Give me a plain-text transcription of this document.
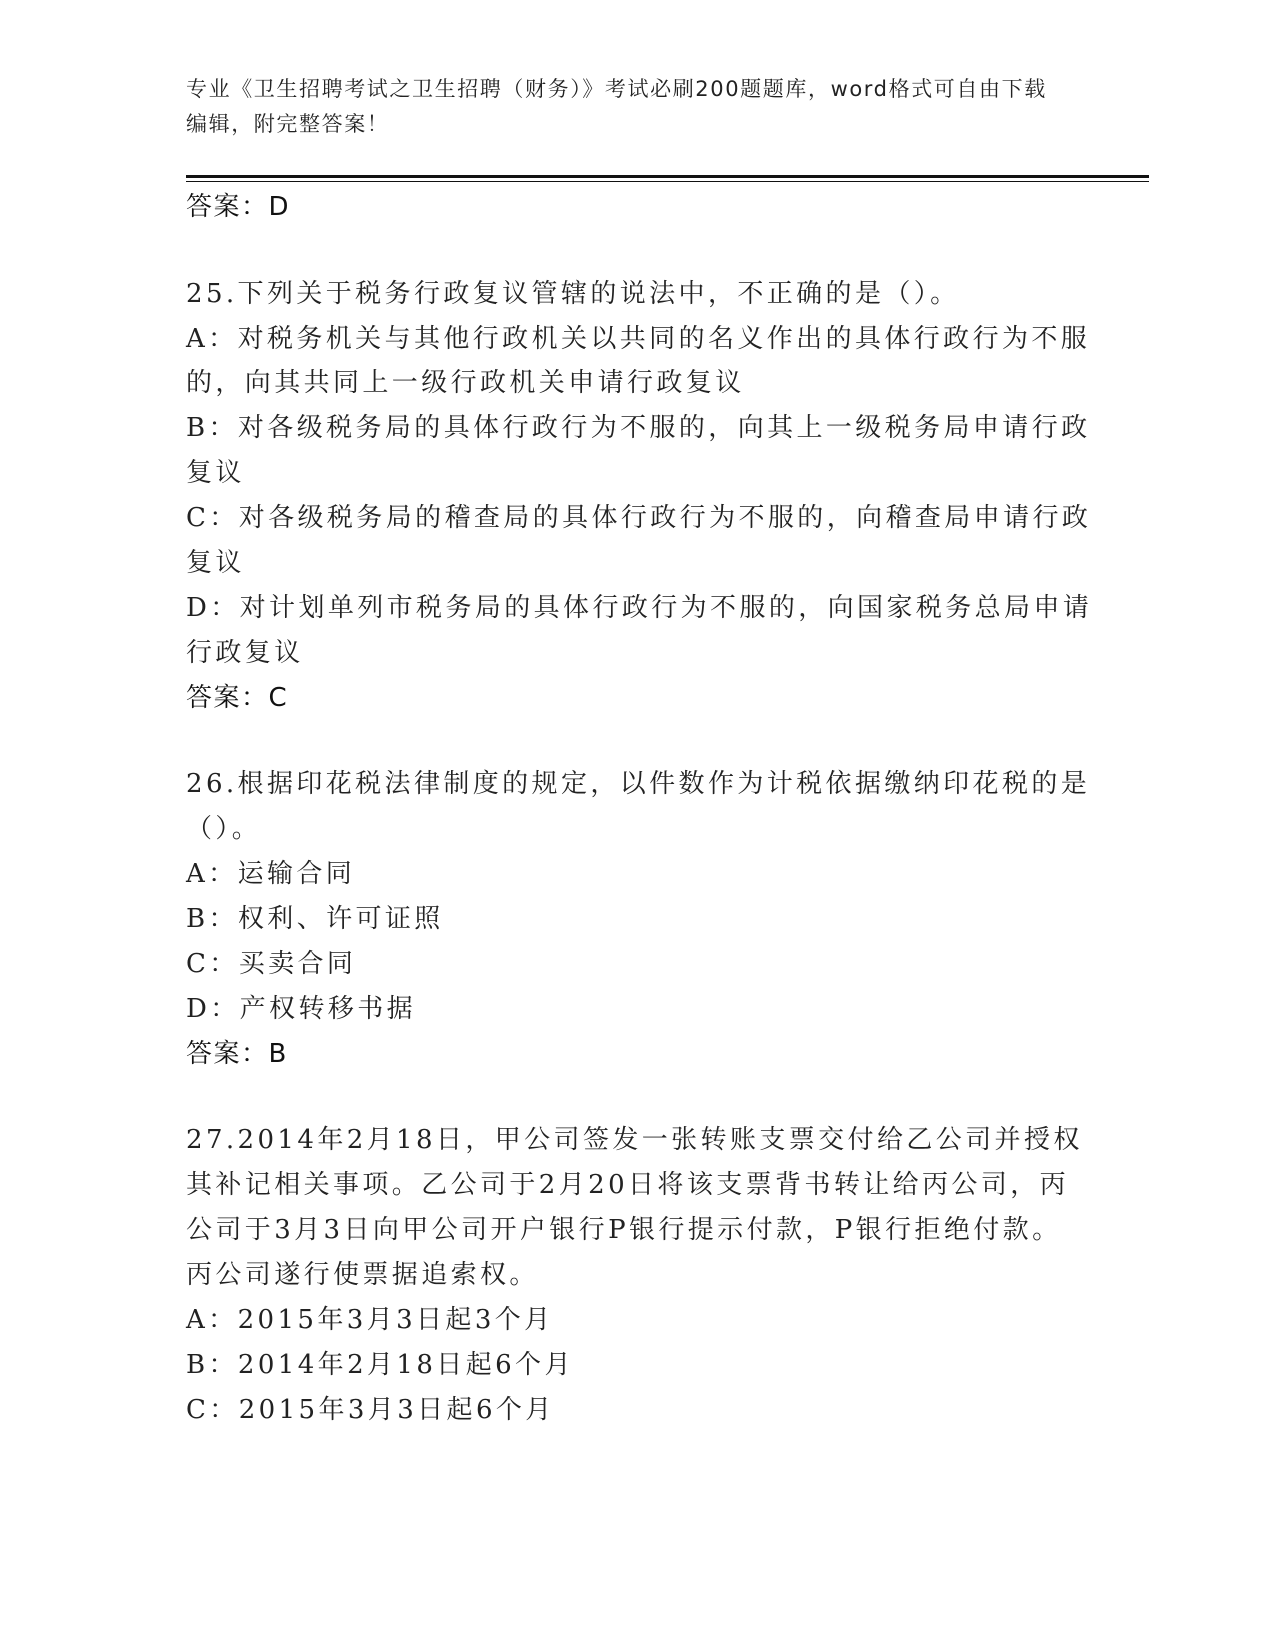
专业《卫生招聘考试之卫生招聘（财务）》考试必刷200题题库，word格式可自由下载编辑，附完整答案！
答案：D
25.下列关于税务行政复议管辖的说法中，不正确的是（）。
A：对税务机关与其他行政机关以共同的名义作出的具体行政行为不服
的，向其共同上一级行政机关申请行政复议
B：对各级税务局的具体行政行为不服的，向其上一级税务局申请行政
复议
C：对各级税务局的稽查局的具体行政行为不服的，向稽查局申请行政
复议
D：对计划单列市税务局的具体行政行为不服的，向国家税务总局申请
行政复议
答案：C
26.根据印花税法律制度的规定，以件数作为计税依据缴纳印花税的是
（）。
A：运输合同
B：权利、许可证照
C：买卖合同
D：产权转移书据
答案：B
27.2014年2月18日，甲公司签发一张转账支票交付给乙公司并授权
其补记相关事项。乙公司于2月20日将该支票背书转让给丙公司，丙
公司于3月3日向甲公司开户银行P银行提示付款，P银行拒绝付款。
丙公司遂行使票据追索权。
A：2015年3月3日起3个月
B：2014年2月18日起6个月
C：2015年3月3日起6个月
